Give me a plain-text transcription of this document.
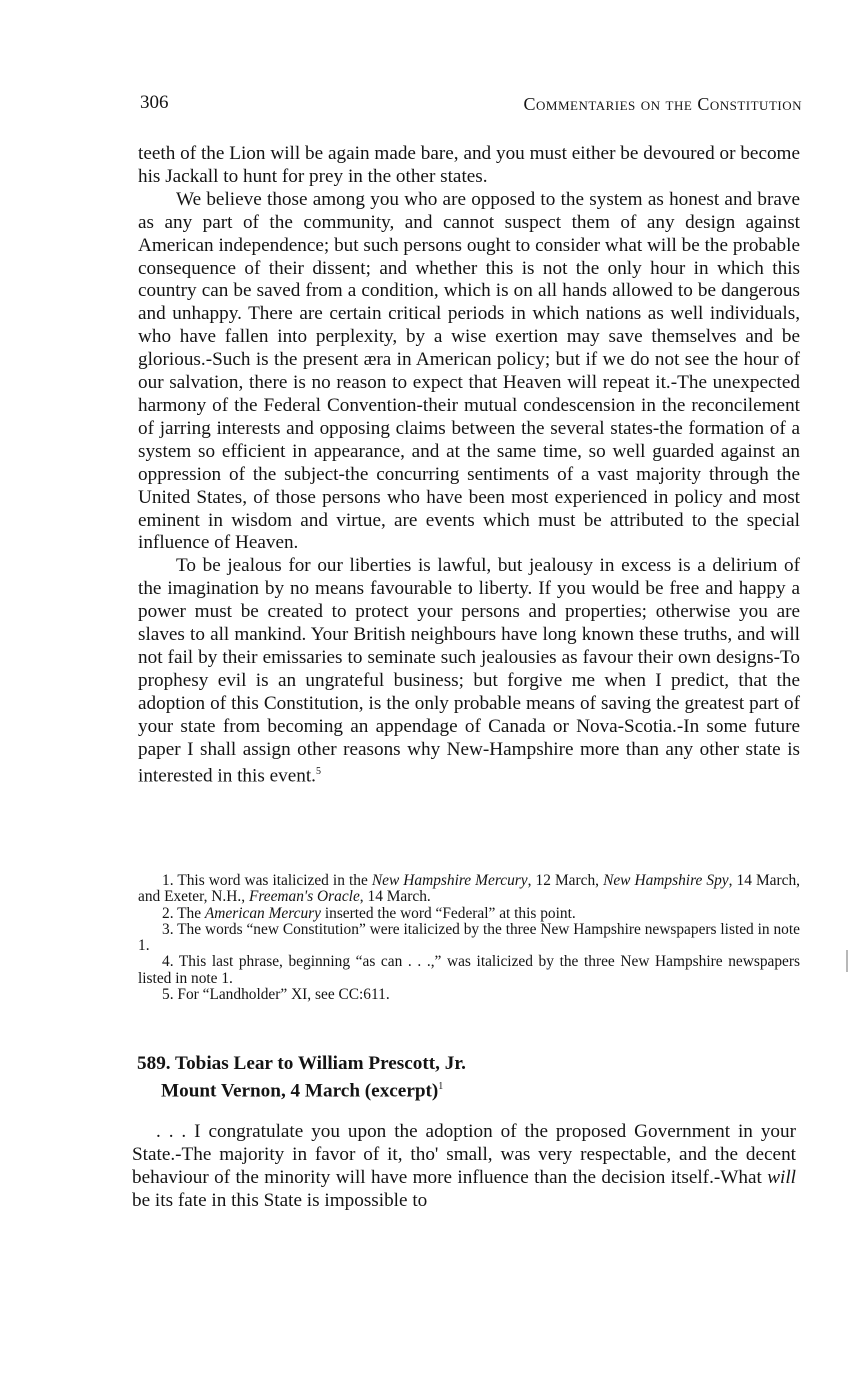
306	Commentaries on the Constitution

teeth of the Lion will be again made bare, and you must either be devoured or become his Jackall to hunt for prey in the other states.

We believe those among you who are opposed to the system as honest and brave as any part of the community, and cannot suspect them of any design against American independence; but such persons ought to consider what will be the probable consequence of their dissent; and whether this is not the only hour in which this country can be saved from a condition, which is on all hands allowed to be dangerous and unhappy. There are certain critical periods in which nations as well individuals, who have fallen into perplexity, by a wise exertion may save themselves and be glorious.-Such is the present æra in American policy; but if we do not see the hour of our salvation, there is no reason to expect that Heaven will repeat it.-The unexpected harmony of the Federal Convention-their mutual condescension in the reconcilement of jarring interests and opposing claims between the several states-the formation of a system so efficient in appearance, and at the same time, so well guarded against an oppression of the subject-the concurring sentiments of a vast majority through the United States, of those persons who have been most experienced in policy and most eminent in wisdom and virtue, are events which must be attributed to the special influence of Heaven.

To be jealous for our liberties is lawful, but jealousy in excess is a delirium of the imagination by no means favourable to liberty. If you would be free and happy a power must be created to protect your persons and properties; otherwise you are slaves to all mankind. Your British neighbours have long known these truths, and will not fail by their emissaries to seminate such jealousies as favour their own designs-To prophesy evil is an ungrateful business; but forgive me when I predict, that the adoption of this Constitution, is the only probable means of saving the greatest part of your state from becoming an appendage of Canada or Nova-Scotia.-In some future paper I shall assign other reasons why New-Hampshire more than any other state is interested in this event.$^5$

1. This word was italicized in the New Hampshire Mercury, 12 March, New Hampshire Spy, 14 March, and Exeter, N.H., Freeman's Oracle, 14 March.

2. The American Mercury inserted the word “Federal” at this point.

3. The words “new Constitution” were italicized by the three New Hampshire newspapers listed in note 1.

4. This last phrase, beginning “as can . . .,” was italicized by the three New Hampshire newspapers listed in note 1.

5. For “Landholder” XI, see CC:611.

589. Tobias Lear to William Prescott, Jr.
Mount Vernon, 4 March (excerpt)$^1$

. . . I congratulate you upon the adoption of the proposed Government in your State.-The majority in favor of it, tho' small, was very respectable, and the decent behaviour of the minority will have more influence than the decision itself.-What will be its fate in this State is impossible to
